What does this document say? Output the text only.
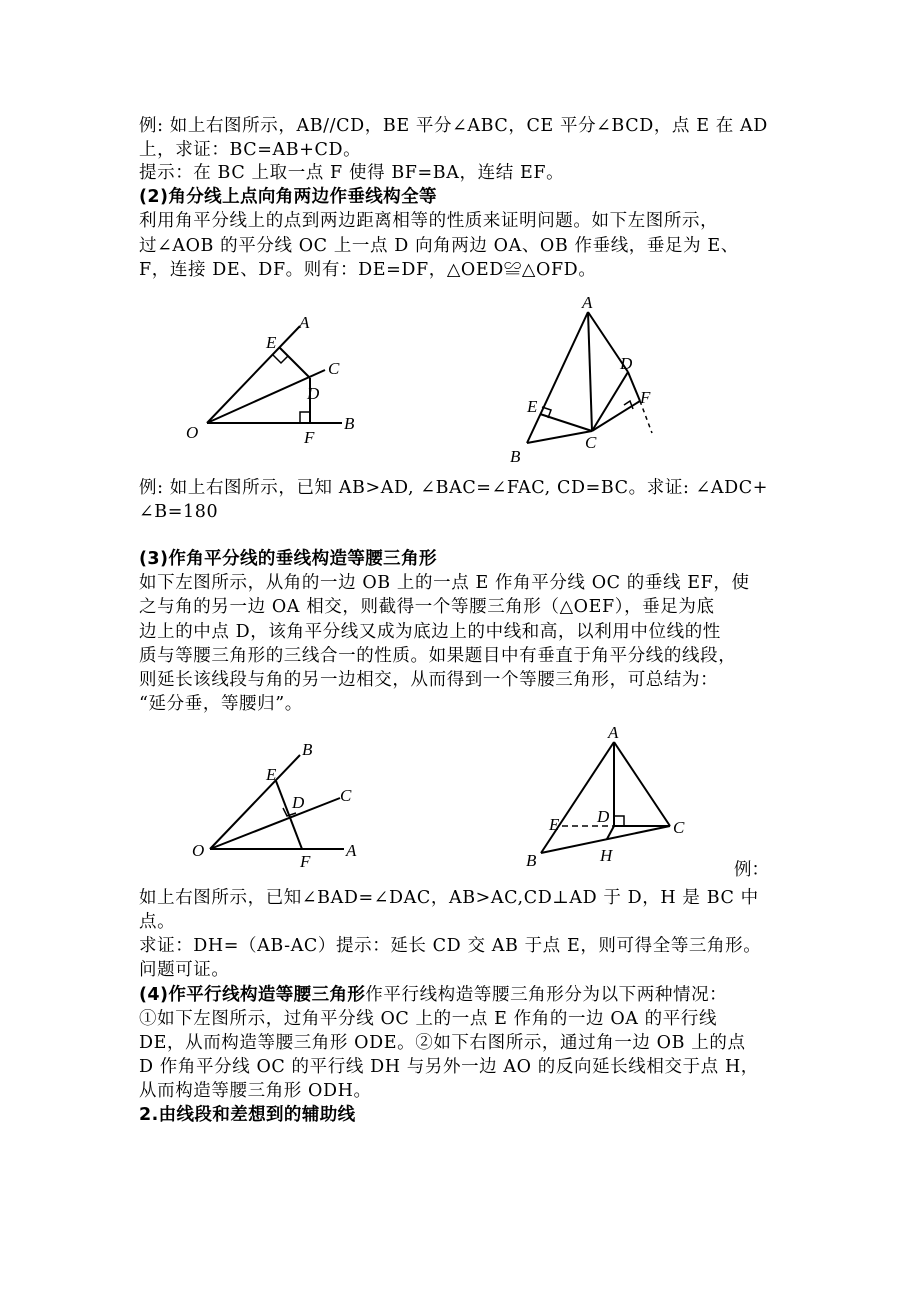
例: 如上右图所示，AB//CD，BE 平分∠ABC，CE 平分∠BCD，点 E 在 AD
上，求证：BC=AB+CD。
提示：在 BC 上取一点 F 使得 BF=BA，连结 EF。
(2)角分线上点向角两边作垂线构全等
利用角平分线上的点到两边距离相等的性质来证明问题。如下左图所示，
过∠AOB 的平分线 OC 上一点 D 向角两边 OA、OB 作垂线，垂足为 E、
F，连接 DE、DF。则有：DE=DF，△OED≌△OFD。
A
E
C
D
O	F
B
A
D
E	F
C
B
例: 如上右图所示，已知 AB>AD, ∠BAC=∠FAC, CD=BC。求证: ∠ADC+
∠B=180
(3)作角平分线的垂线构造等腰三角形
如下左图所示，从角的一边 OB 上的一点 E 作角平分线 OC 的垂线 EF，使
之与角的另一边 OA 相交，则截得一个等腰三角形（△OEF），垂足为底
边上的中点 D，该角平分线又成为底边上的中线和高，以利用中位线的性
质与等腰三角形的三线合一的性质。如果题目中有垂直于角平分线的线段，
则延长该线段与角的另一边相交，从而得到一个等腰三角形，可总结为：
“延分垂，等腰归”。
B
E
D C
O
F
A
A
D
E	C
H
B	例：
如上右图所示，已知∠BAD=∠DAC，AB>AC,CD⊥AD 于 D，H 是 BC 中
点。
求证：DH=（AB-AC）提示：延长 CD 交 AB 于点 E，则可得全等三角形。
问题可证。
(4)作平行线构造等腰三角形作平行线构造等腰三角形分为以下两种情况：
①如下左图所示，过角平分线 OC 上的一点 E 作角的一边 OA 的平行线
DE，从而构造等腰三角形 ODE。②如下右图所示，通过角一边 OB 上的点
D 作角平分线 OC 的平行线 DH 与另外一边 AO 的反向延长线相交于点 H，
从而构造等腰三角形 ODH。
2.由线段和差想到的辅助线
